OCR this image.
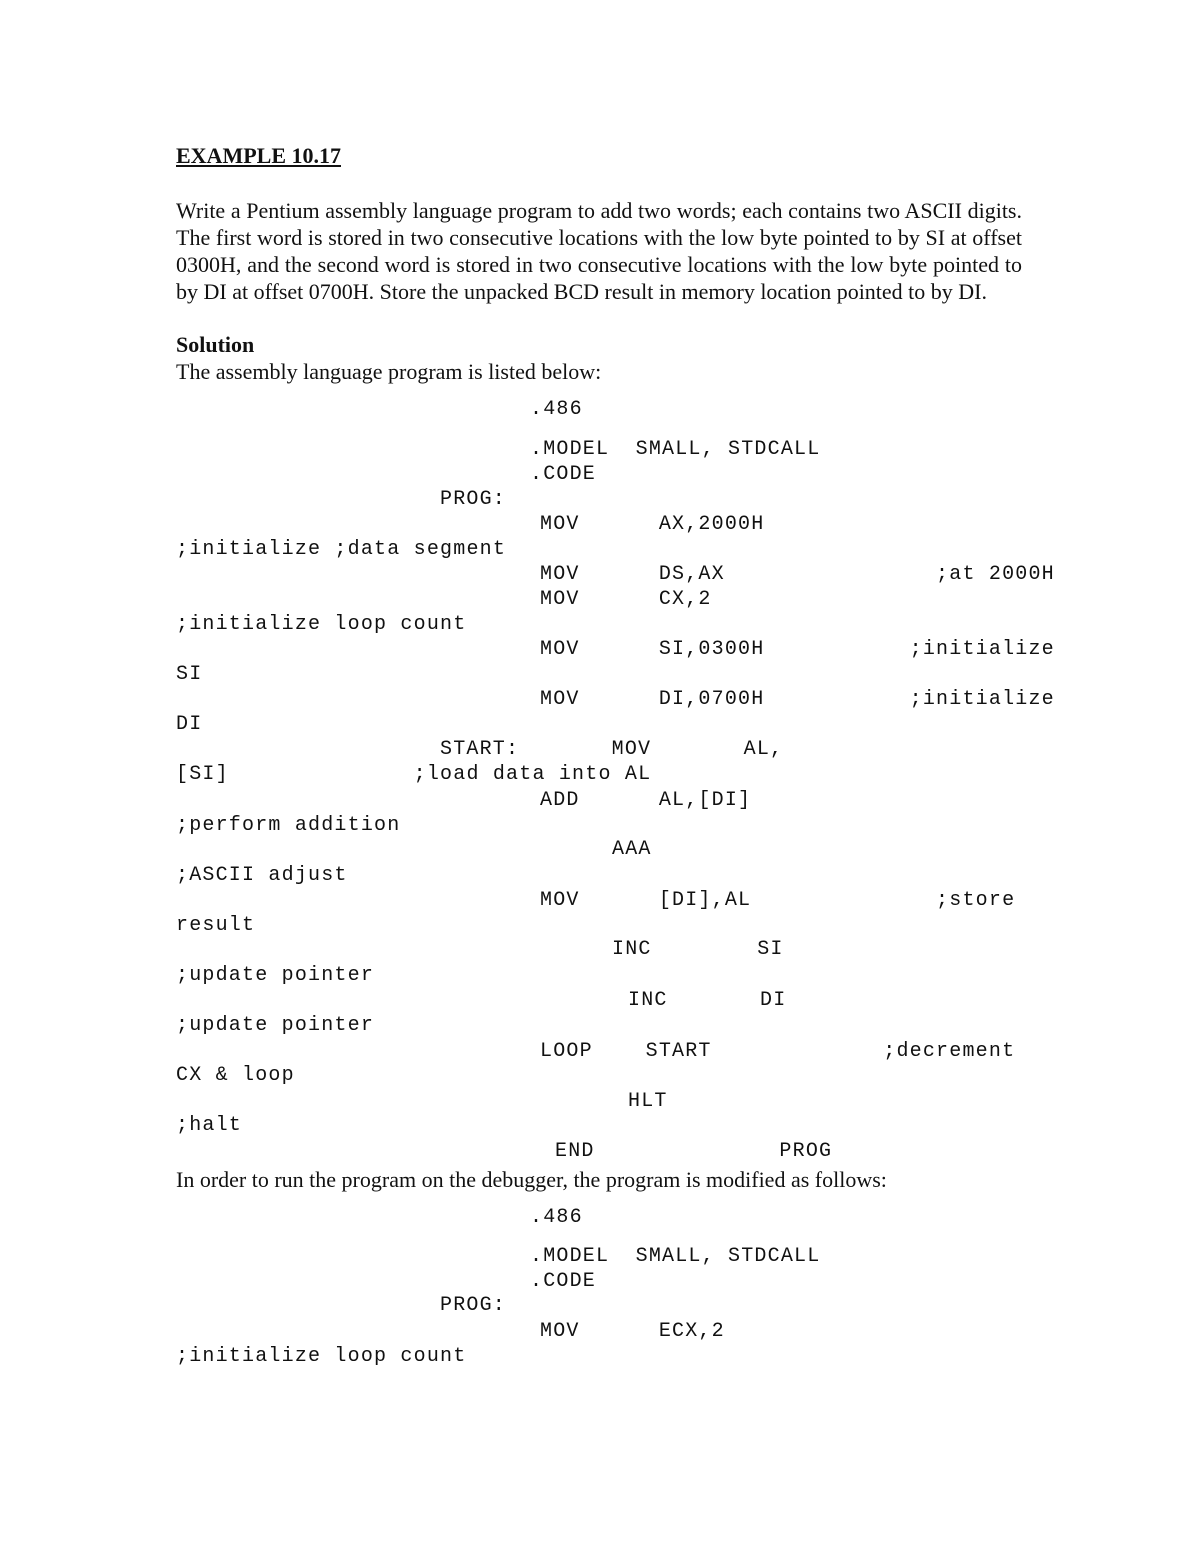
EXAMPLE 10.17
Write a Pentium assembly language program to add two words; each contains two ASCII digits. The first word is stored in two consecutive locations with the low byte pointed to by SI at offset 0300H, and the second word is stored in two consecutive locations with the low byte pointed to by DI at offset 0700H. Store the unpacked BCD result in memory location pointed to by DI.
Solution
The assembly language program is listed below:
.486
.MODEL  SMALL, STDCALL
.CODE
PROG:
MOV      AX,2000H
;initialize ;data segment
MOV      DS,AX                ;at 2000H
MOV      CX,2
;initialize loop count
MOV      SI,0300H           ;initialize
SI
MOV      DI,0700H           ;initialize
DI
START:       MOV       AL,
[SI]              ;load data into AL
ADD      AL,[DI]
;perform addition
AAA
;ASCII adjust
MOV      [DI],AL              ;store
result
INC        SI
;update pointer
INC       DI
;update pointer
LOOP    START             ;decrement
CX & loop
HLT
;halt
END              PROG
In order to run the program on the debugger, the program is modified as follows:
.486
.MODEL  SMALL, STDCALL
.CODE
PROG:
MOV      ECX,2
;initialize loop count
